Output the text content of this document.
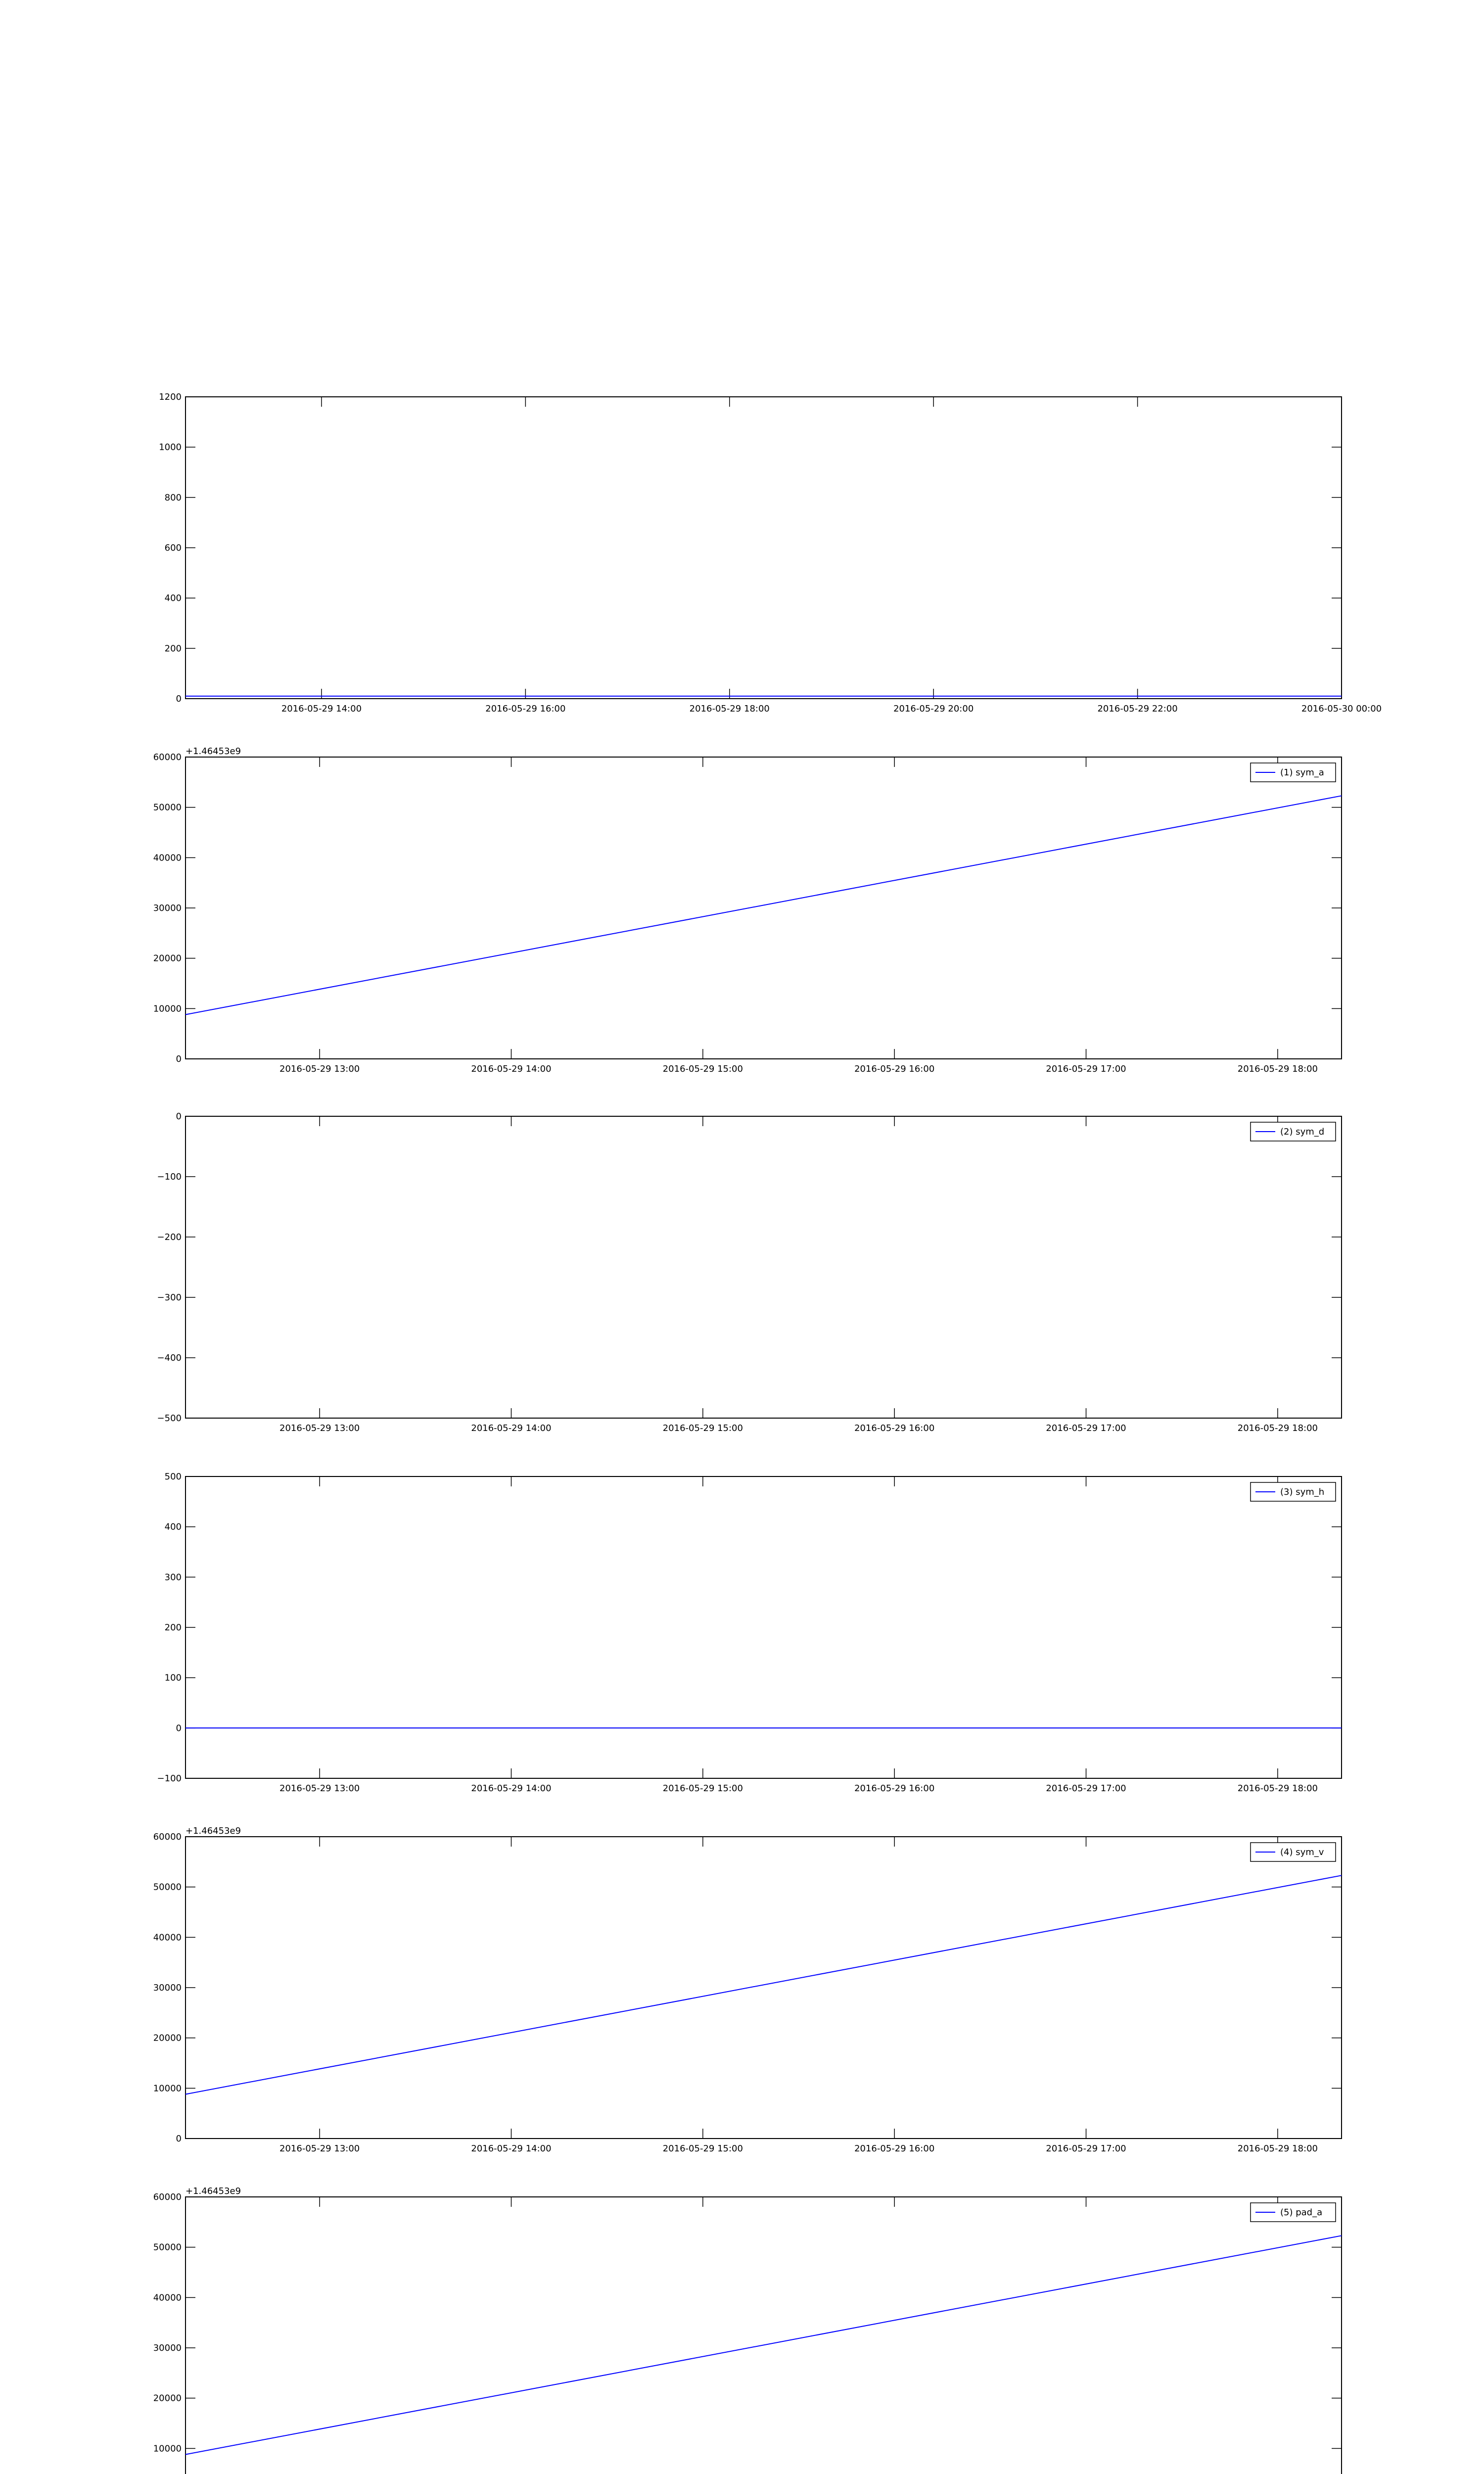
0
200
400
600
800
1000
1200
2016-05-29 14:00	2016-05-29 16:00	2016-05-29 18:00	2016-05-29 20:00	2016-05-29 22:00	2016-05-30 00:00
0
10000
20000
30000
40000
50000
60000
2016-05-29 13:00	2016-05-29 14:00	2016-05-29 15:00	2016-05-29 16:00	2016-05-29 17:00	2016-05-29 18:00
+1.46453e9
(1) sym_a
0
−100
−200
−300
−400
−500
2016-05-29 13:00	2016-05-29 14:00	2016-05-29 15:00	2016-05-29 16:00	2016-05-29 17:00	2016-05-29 18:00
(2) sym_d
−100
0
100
200
300
400
500
2016-05-29 13:00	2016-05-29 14:00	2016-05-29 15:00	2016-05-29 16:00	2016-05-29 17:00	2016-05-29 18:00
(3) sym_h
0
10000
20000
30000
40000
50000
60000
2016-05-29 13:00	2016-05-29 14:00	2016-05-29 15:00	2016-05-29 16:00	2016-05-29 17:00	2016-05-29 18:00
+1.46453e9
(4) sym_v
10000
20000
30000
40000
50000
60000
+1.46453e9
(5) pad_a
